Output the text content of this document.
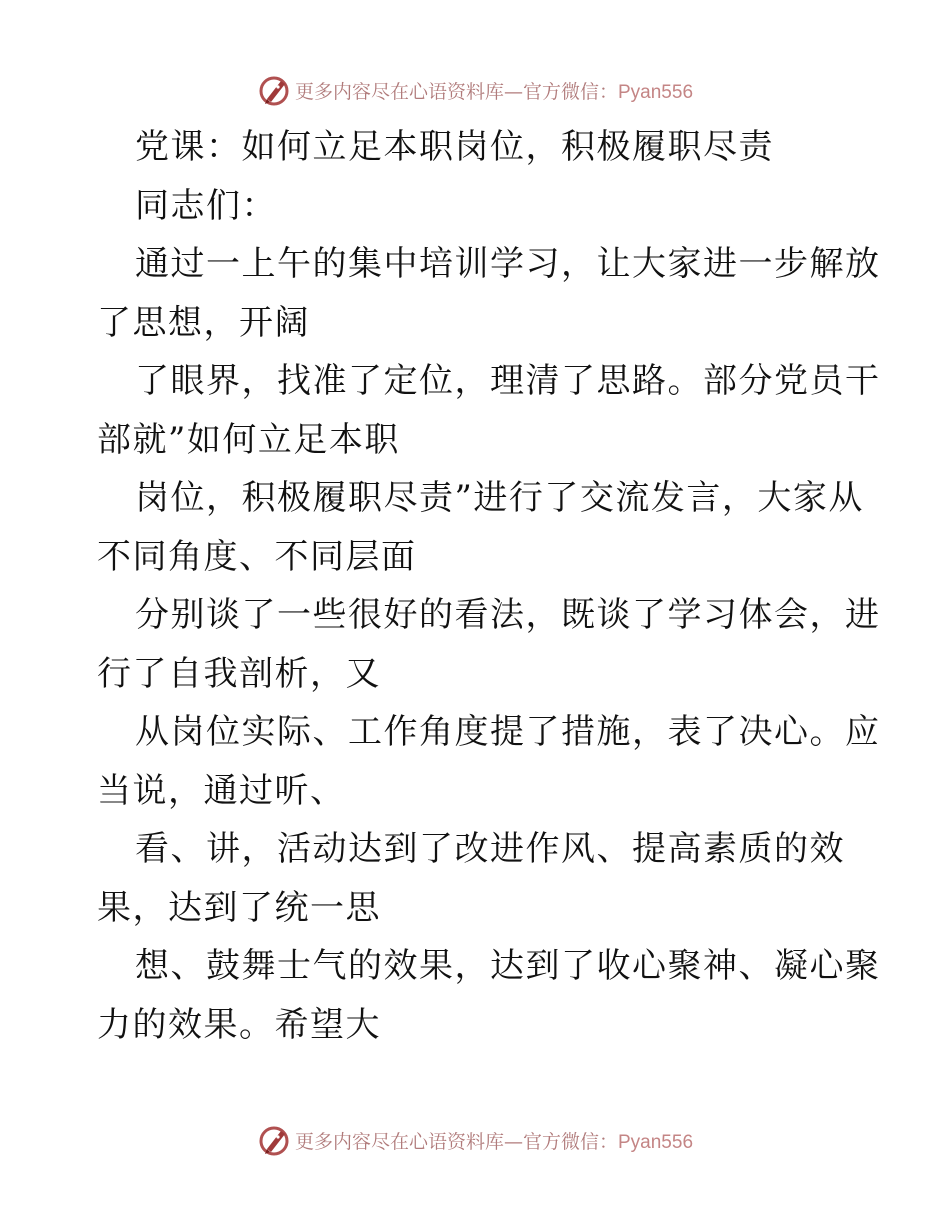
更多内容尽在心语资料库—官方微信：Pyan556
党课：如何立足本职岗位，积极履职尽责
同志们：
通过一上午的集中培训学习，让大家进一步解放
了思想，开阔
了眼界，找准了定位，理清了思路。部分党员干
部就”如何立足本职
岗位，积极履职尽责”进行了交流发言，大家从
不同角度、不同层面
分别谈了一些很好的看法，既谈了学习体会，进
行了自我剖析，又
从岗位实际、工作角度提了措施，表了决心。应
当说，通过听、
看、讲，活动达到了改进作风、提高素质的效
果，达到了统一思
想、鼓舞士气的效果，达到了收心聚神、凝心聚
力的效果。希望大
更多内容尽在心语资料库—官方微信：Pyan556
